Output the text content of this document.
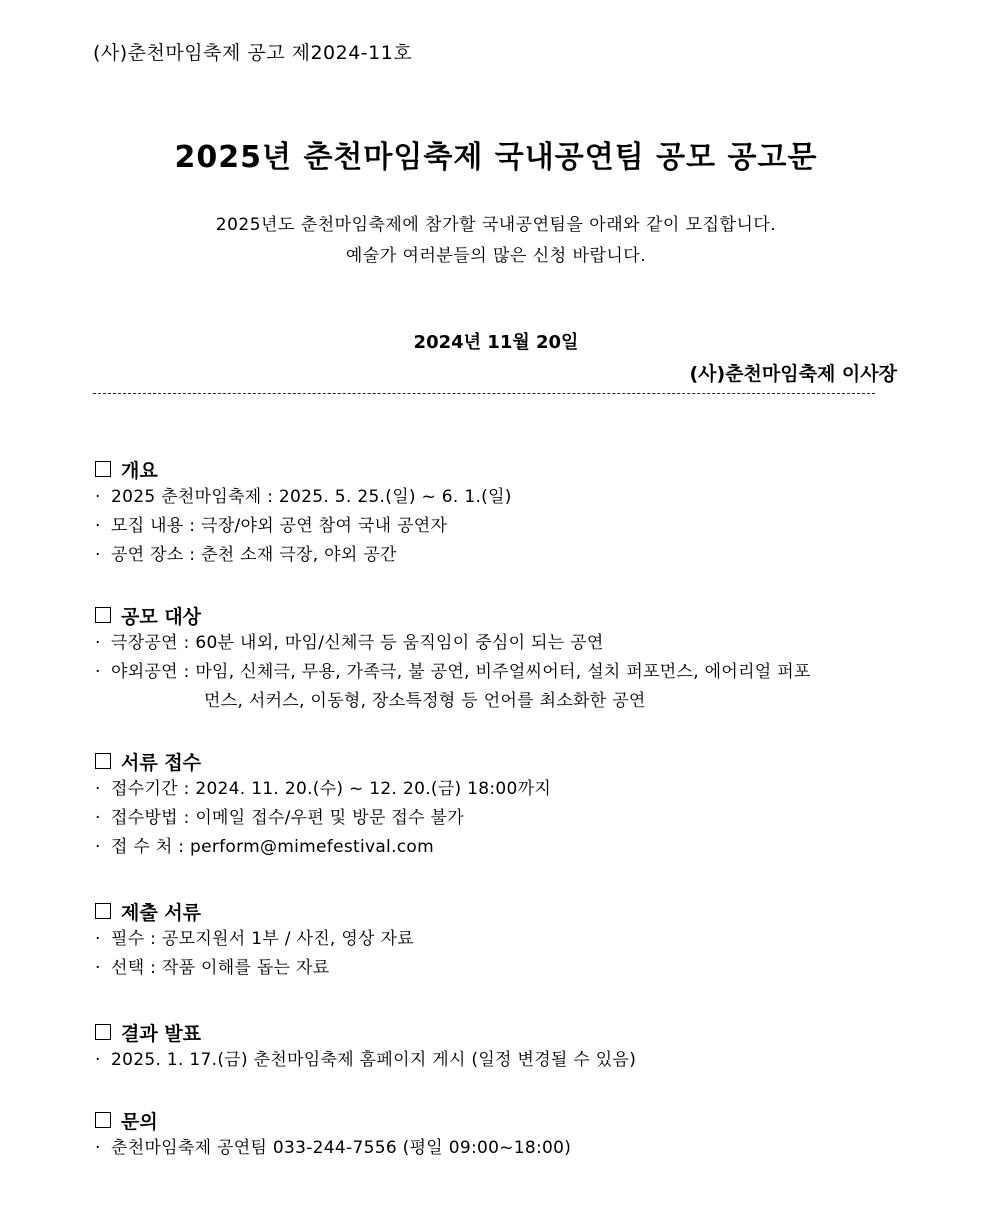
(사)춘천마임축제 공고 제2024-11호
2025년 춘천마임축제 국내공연팀 공모 공고문
2025년도 춘천마임축제에 참가할 국내공연팀을 아래와 같이 모집합니다.
예술가 여러분들의 많은 신청 바랍니다.
2024년 11월 20일
(사)춘천마임축제 이사장
개요
· 2025 춘천마임축제 : 2025. 5. 25.(일) ~ 6. 1.(일)
· 모집 내용 : 극장/야외 공연 참여 국내 공연자
· 공연 장소 : 춘천 소재 극장, 야외 공간
공모 대상
· 극장공연 : 60분 내외, 마임/신체극 등 움직임이 중심이 되는 공연
· 야외공연 : 마임, 신체극, 무용, 가족극, 불 공연, 비주얼씨어터, 설치 퍼포먼스, 에어리얼 퍼포
먼스, 서커스, 이동형, 장소특정형 등 언어를 최소화한 공연
서류 접수
· 접수기간 : 2024. 11. 20.(수) ~ 12. 20.(금) 18:00까지
· 접수방법 : 이메일 접수/우편 및 방문 접수 불가
· 접 수 처 : perform@mimefestival.com
제출 서류
· 필수 : 공모지원서 1부 / 사진, 영상 자료
· 선택 : 작품 이해를 돕는 자료
결과 발표
· 2025. 1. 17.(금) 춘천마임축제 홈페이지 게시 (일정 변경될 수 있음)
문의
· 춘천마임축제 공연팀 033-244-7556 (평일 09:00~18:00)
